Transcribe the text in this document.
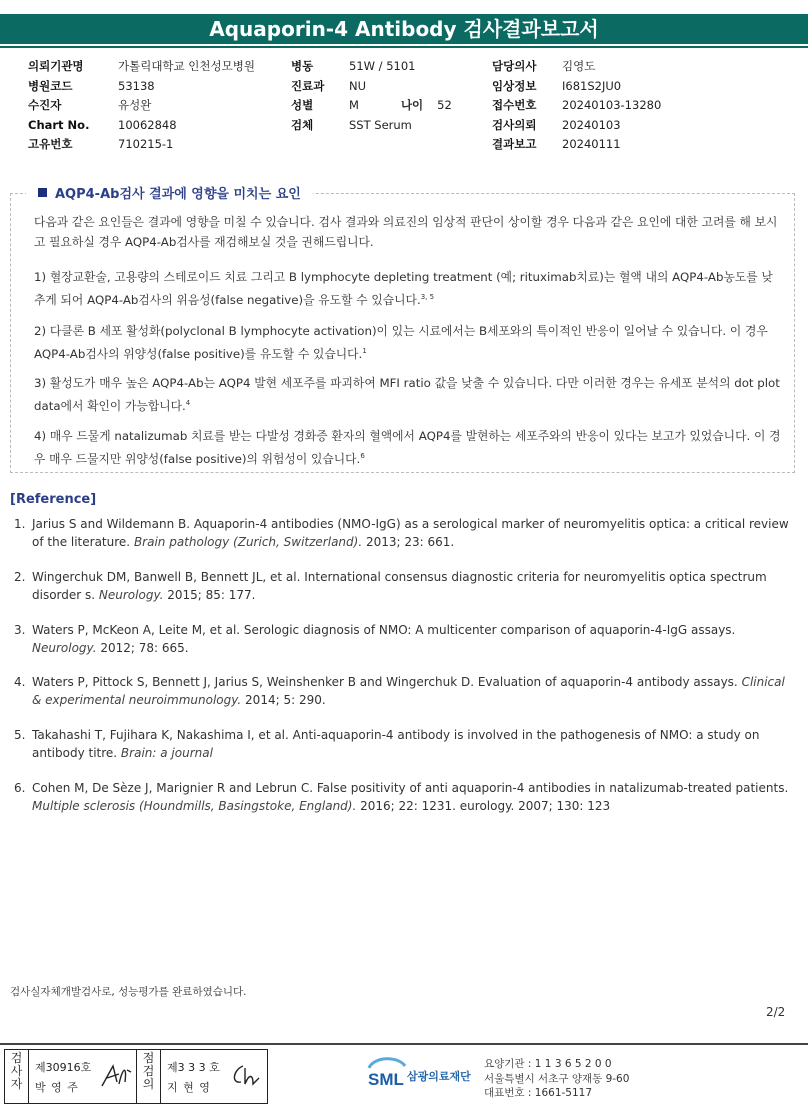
Aquaporin-4 Antibody 검사결과보고서
의뢰기관명	가톨릭대학교 인천성모병원
병원코드	53138
수진자	유성완
Chart No.	10062848
고유번호	710215-1
병동	51W / 5101
진료과	NU
성별	M	나이 52
검체	SST Serum
담당의사	김영도
임상정보	I681S2JU0
접수번호	20240103-13280
검사의뢰	20240103
결과보고	20240111
AQP4-Ab검사 결과에 영향을 미치는 요인
다음과 같은 요인들은 결과에 영향을 미칠 수 있습니다. 검사 결과와 의료진의 임상적 판단이 상이할 경우 다음과 같은 요인에 대한 고려를 해 보시고 필요하실 경우 AQP4-Ab검사를 재검해보실 것을 권해드립니다.
1) 혈장교환술, 고용량의 스테로이드 치료 그리고 B lymphocyte depleting treatment (예; rituximab치료)는 혈액 내의 AQP4-Ab농도를 낮추게 되어 AQP4-Ab검사의 위음성(false negative)을 유도할 수 있습니다.$^{3, 5}$
2) 다클론 B 세포 활성화(polyclonal B lymphocyte activation)이 있는 시료에서는 B세포와의 특이적인 반응이 일어날 수 있습니다. 이 경우 AQP4-Ab검사의 위양성(false positive)를 유도할 수 있습니다.$^1$
3) 활성도가 매우 높은 AQP4-Ab는 AQP4 발현 세포주를 파괴하여 MFI ratio 값을 낮출 수 있습니다. 다만 이러한 경우는 유세포 분석의 dot plot data에서 확인이 가능합니다.$^4$
4) 매우 드물게 natalizumab 치료를 받는 다발성 경화증 환자의 혈액에서 AQP4를 발현하는 세포주와의 반응이 있다는 보고가 있었습니다. 이 경우 매우 드물지만 위양성(false positive)의 위험성이 있습니다.$^6$
[Reference]
1. Jarius S and Wildemann B. Aquaporin-4 antibodies (NMO-IgG) as a serological marker of neuromyelitis optica: a critical review of the literature. Brain pathology (Zurich, Switzerland). 2013; 23: 661.
2. Wingerchuk DM, Banwell B, Bennett JL, et al. International consensus diagnostic criteria for neuromyelitis optica spectrum disorder s. Neurology. 2015; 85: 177.
3. Waters P, McKeon A, Leite M, et al. Serologic diagnosis of NMO: A multicenter comparison of aquaporin-4-IgG assays. Neurology. 2012; 78: 665.
4. Waters P, Pittock S, Bennett J, Jarius S, Weinshenker B and Wingerchuk D. Evaluation of aquaporin-4 antibody assays. Clinical & experimental neuroimmunology. 2014; 5: 290.
5. Takahashi T, Fujihara K, Nakashima I, et al. Anti-aquaporin-4 antibody is involved in the pathogenesis of NMO: a study on antibody titre. Brain: a journal
6. Cohen M, De Sèze J, Marignier R and Lebrun C. False positivity of anti aquaporin-4 antibodies in natalizumab-treated patients. Multiple sclerosis (Houndmills, Basingstoke, England). 2016; 22: 1231. eurology. 2007; 130: 123
검사실자체개발검사로, 성능평가를 완료하였습니다.
2/2
검사자
제30916호
박 영 주
점검의
제3 3 3 호
지 현 영	SML 삼광의료재단
요양기관 : 1 1 3 6 5 2 0 0
서울특별시 서초구 양재동 9-60
대표번호 : 1661-5117
